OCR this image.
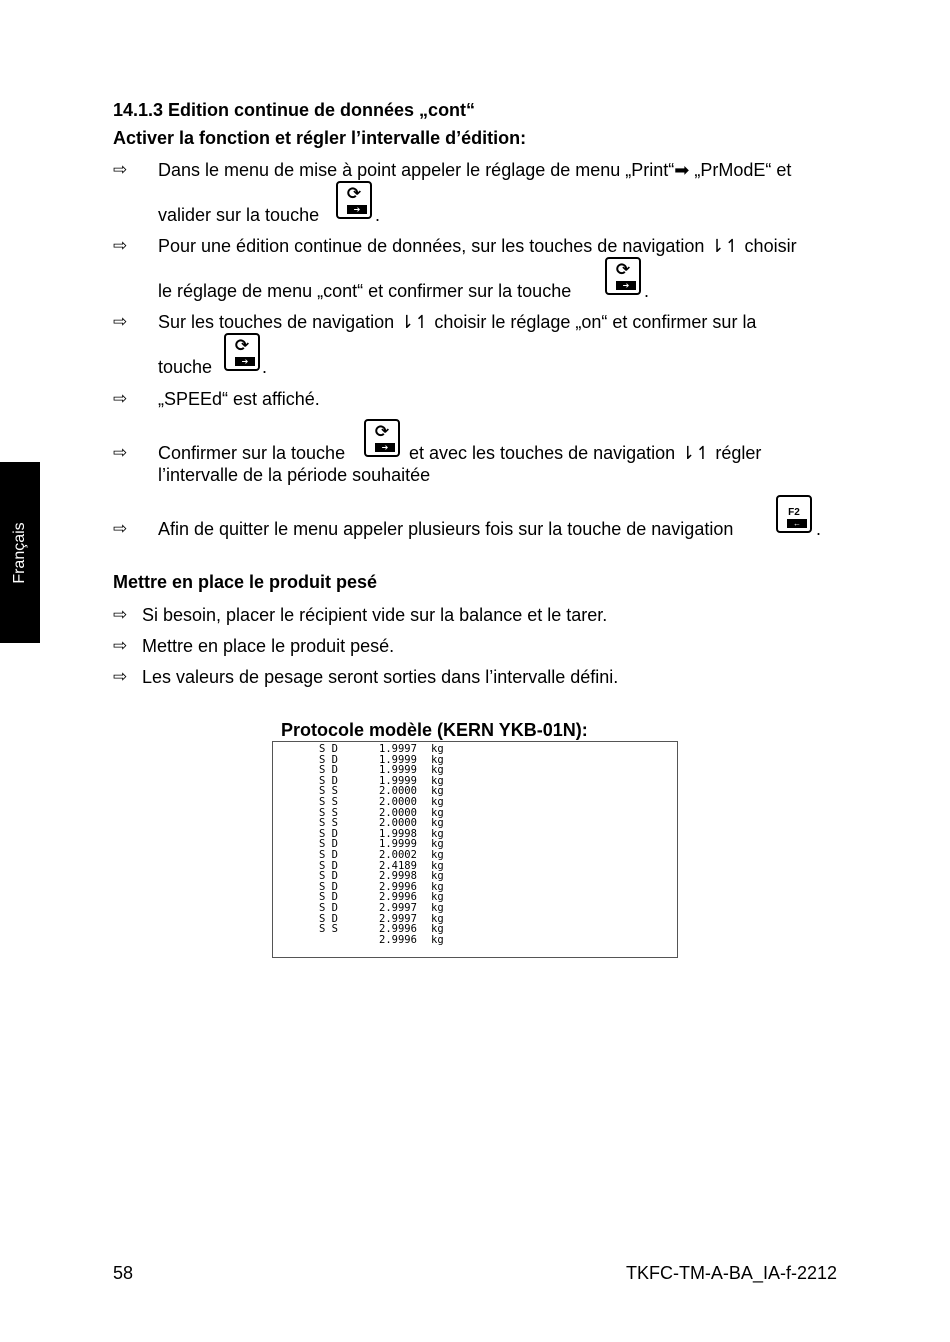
Français
14.1.3 Edition continue de données „cont“
Activer la fonction et régler l’intervalle d’édition:
⇨ Dans le menu de mise à point appeler le réglage de menu „Print“➡ „PrModE“ et
valider sur la touche
⟳
➔ .
⇨ Pour une édition continue de données, sur les touches de navigation ⇂↿ choisir
le réglage de menu „cont“ et confirmer sur la touche
⟳
➔ .
⇨ Sur les touches de navigation ⇂↿ choisir le réglage „on“ et confirmer sur la
touche
⟳
➔ .
⇨ „SPEEd“ est affiché.
⇨ Confirmer sur la touche
⟳
➔	et avec les touches de navigation ⇂↿ régler
l’intervalle de la période souhaitée
⇨ Afin de quitter le menu appeler plusieurs fois sur la touche de navigation
F2
← .
Mettre en place le produit pesé
⇨ Si besoin, placer le récipient vide sur la balance et le tarer.
⇨ Mettre en place le produit pesé.
⇨ Les valeurs de pesage seront sorties dans l’intervalle défini.
Protocole modèle (KERN YKB-01N):
S D	1.9997 kg
S D	1.9999 kg
S D	1.9999 kg
S D	1.9999 kg
S S	2.0000 kg
S S	2.0000 kg
S S	2.0000 kg
S S	2.0000 kg
S D	1.9998 kg
S D	1.9999 kg
S D	2.0002 kg
S D	2.4189 kg
S D	2.9998 kg
S D	2.9996 kg
S D	2.9996 kg
S D	2.9997 kg
S D	2.9997 kg
S S	2.9996 kg
2.9996 kg
58	TKFC-TM-A-BA_IA-f-2212
